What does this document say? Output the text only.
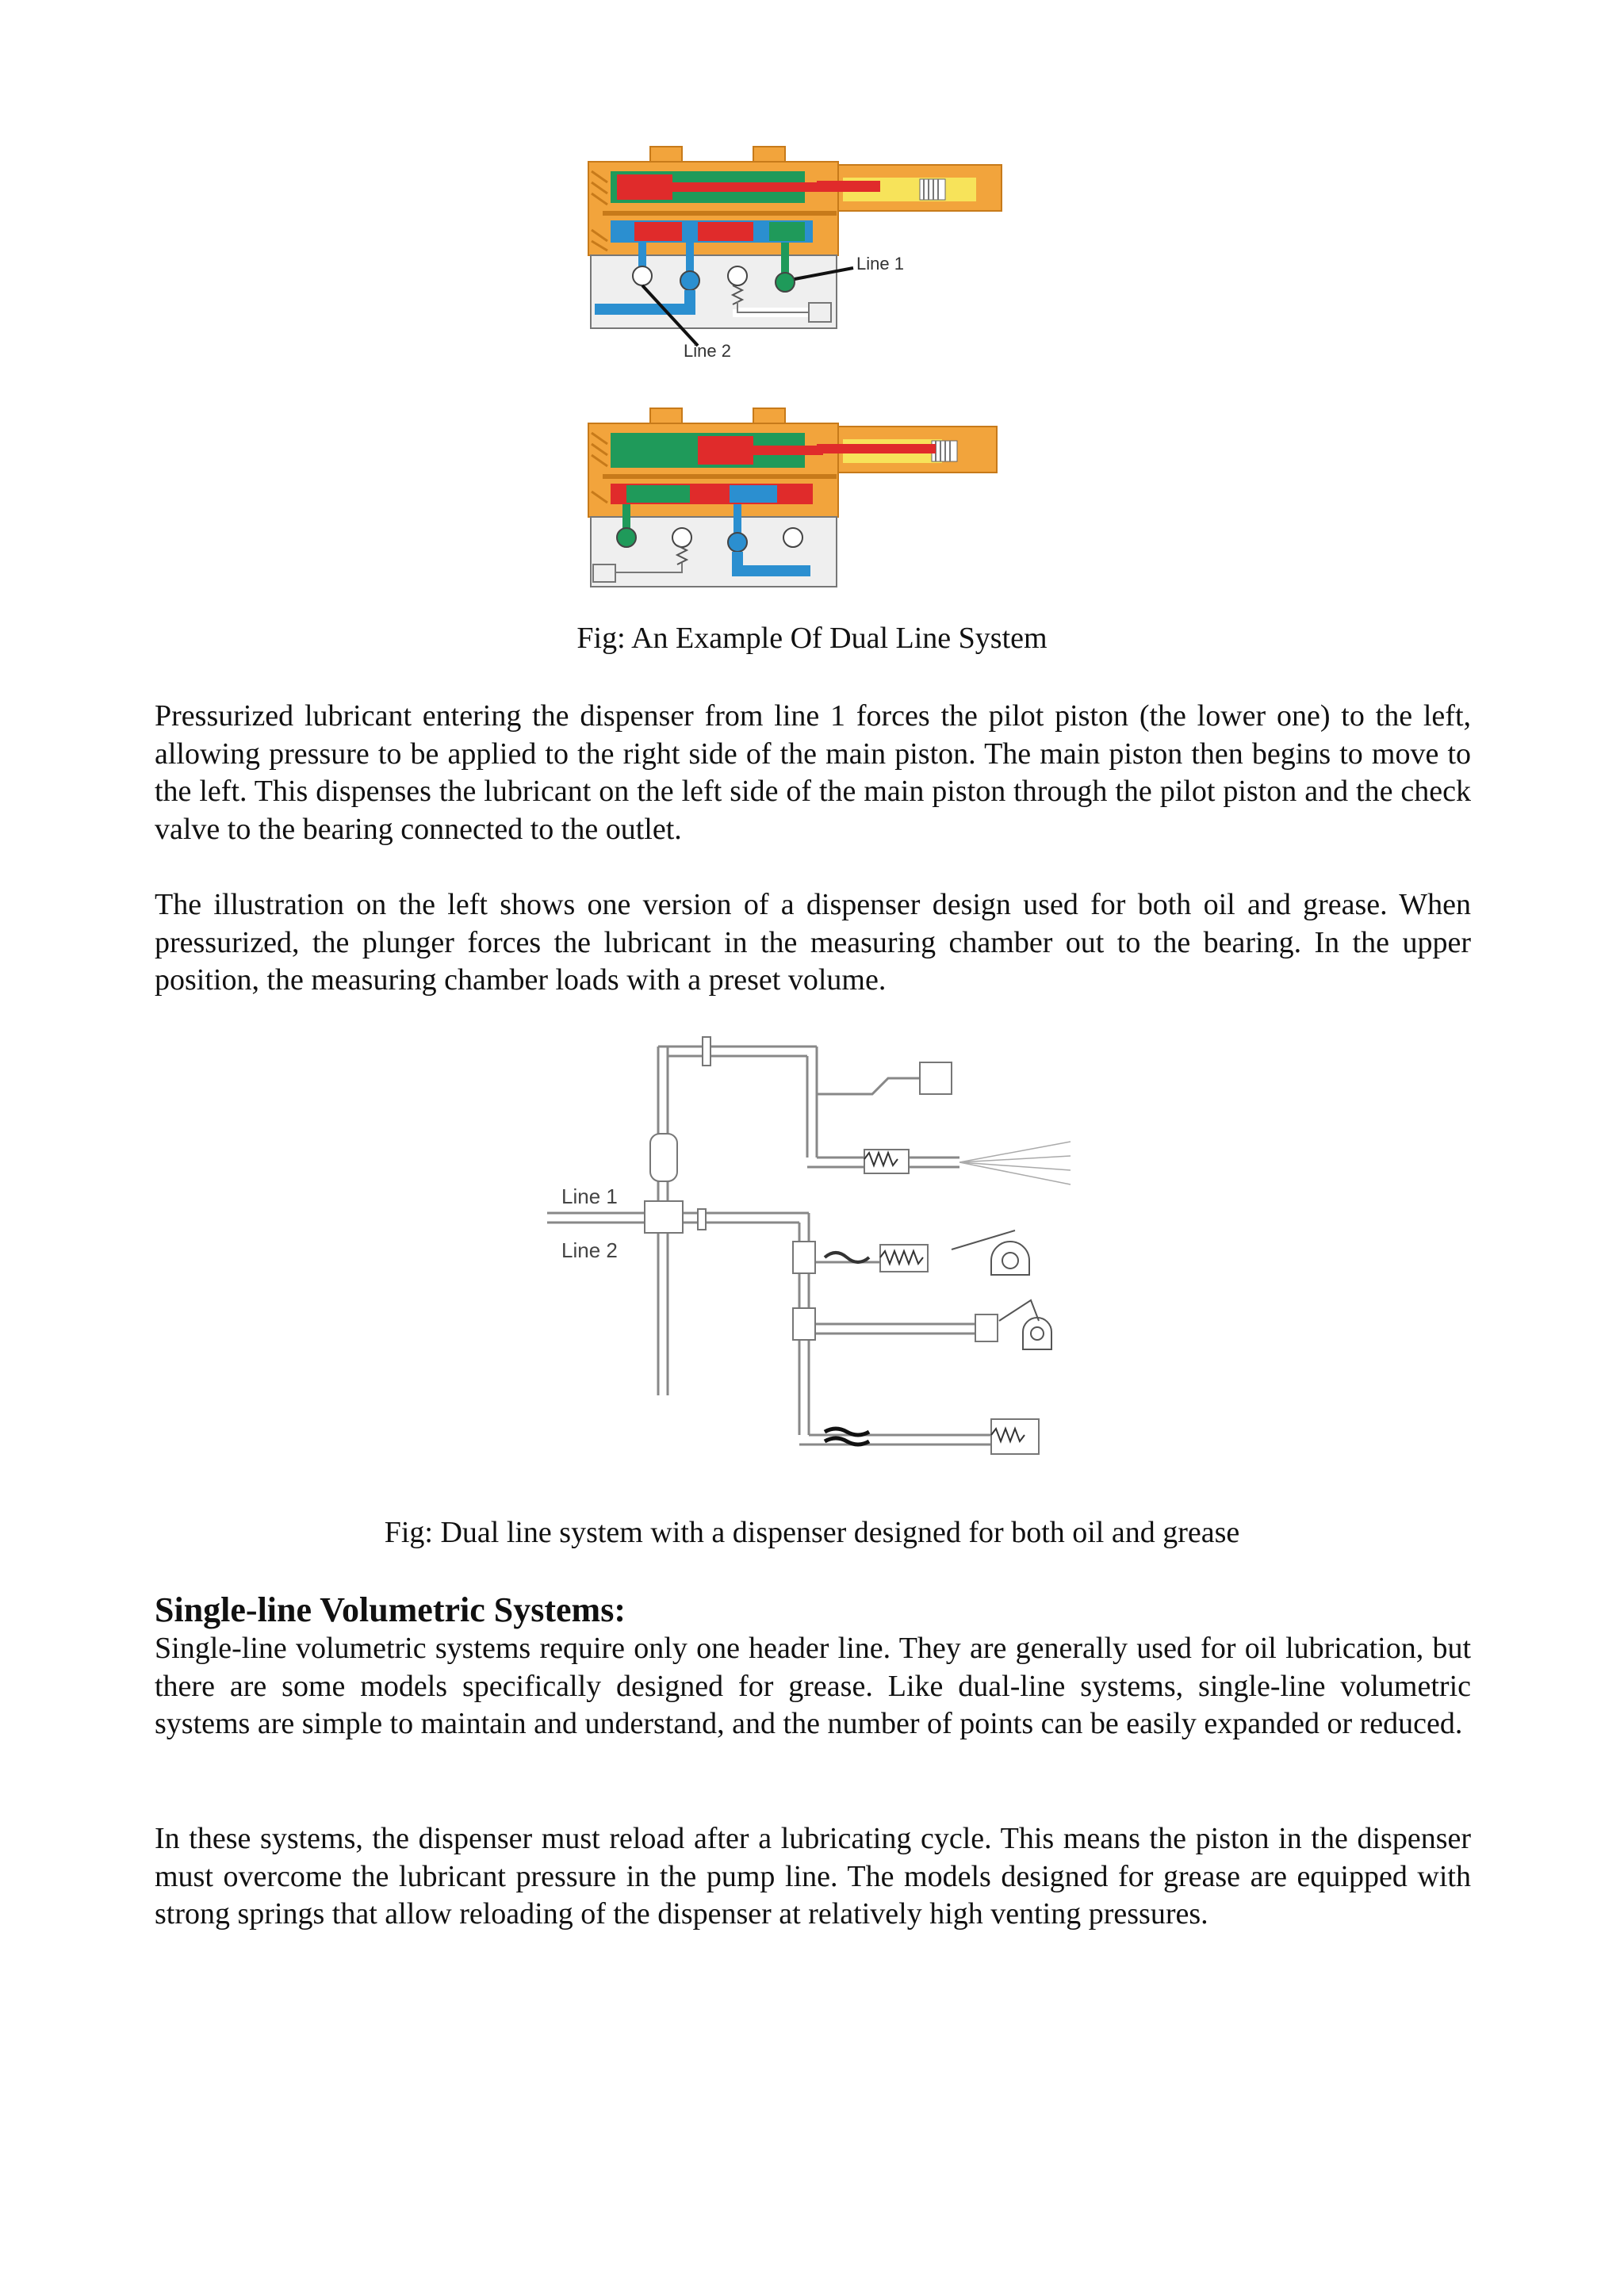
Line 1
Line 2

Fig: An Example Of Dual Line System

Pressurized lubricant entering the dispenser from line 1 forces the pilot piston (the lower one) to the left, allowing pressure to be applied to the right side of the main piston. The main piston then begins to move to the left. This dispenses the lubricant on the left side of the main piston through the pilot piston and the check valve to the bearing connected to the outlet.

The illustration on the left shows one version of a dispenser design used for both oil and grease. When pressurized, the plunger forces the lubricant in the measuring chamber out to the bearing. In the upper position, the measuring chamber loads with a preset volume.

Line 1
Line 2

Fig: Dual line system with a dispenser designed for both oil and grease

Single-line Volumetric Systems:

Single-line volumetric systems require only one header line. They are generally used for oil lubrication, but there are some models specifically designed for grease. Like dual-line systems, single-line volumetric systems are simple to maintain and understand, and the number of points can be easily expanded or reduced.

In these systems, the dispenser must reload after a lubricating cycle. This means the piston in the dispenser must overcome the lubricant pressure in the pump line. The models designed for grease are equipped with strong springs that allow reloading of the dispenser at relatively high venting pressures.
